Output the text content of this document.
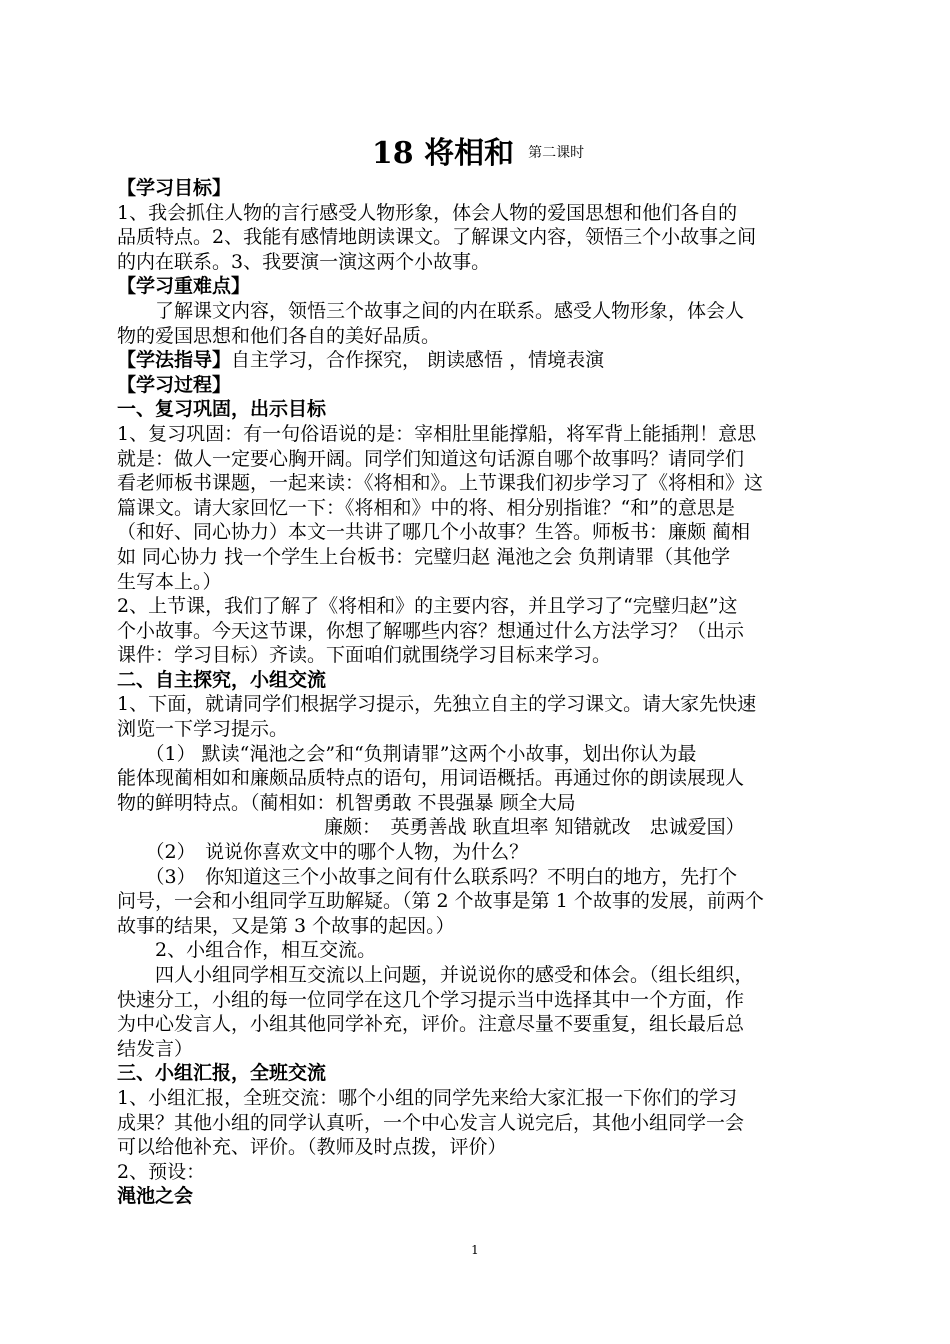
18 将相和 第二课时
【学习目标】
1、我会抓住人物的言行感受人物形象，体会人物的爱国思想和他们各自的
品质特点。2、我能有感情地朗读课文。了解课文内容，领悟三个小故事之间
的内在联系。3、我要演一演这两个小故事。
【学习重难点】
　　了解课文内容，领悟三个故事之间的内在联系。感受人物形象，体会人
物的爱国思想和他们各自的美好品质。
【学法指导】自主学习，合作探究， 朗读感悟 ，情境表演
【学习过程】
一、复习巩固，出示目标
1、复习巩固：有一句俗语说的是：宰相肚里能撑船，将军背上能插荆！意思
就是：做人一定要心胸开阔。同学们知道这句话源自哪个故事吗？请同学们
看老师板书课题，一起来读：《将相和》。上节课我们初步学习了《将相和》这
篇课文。请大家回忆一下：《将相和》中的将、相分别指谁？“和”的意思是
（和好、同心协力）本文一共讲了哪几个小故事？生答。师板书：廉颇 蔺相
如 同心协力 找一个学生上台板书：完璧归赵 渑池之会 负荆请罪（其他学
生写本上。）
2、上节课，我们了解了《将相和》的主要内容，并且学习了“完璧归赵”这
个小故事。今天这节课，你想了解哪些内容？想通过什么方法学习？（出示
课件：学习目标）齐读。下面咱们就围绕学习目标来学习。
二、自主探究，小组交流
1、下面，就请同学们根据学习提示，先独立自主的学习课文。请大家先快速
浏览一下学习提示。
　　（1） 默读“渑池之会”和“负荆请罪”这两个小故事，划出你认为最
能体现蔺相如和廉颇品质特点的语句，用词语概括。再通过你的朗读展现人
物的鲜明特点。（蔺相如：机智勇敢 不畏强暴 顾全大局
廉颇：　英勇善战 耿直坦率 知错就改　忠诚爱国）
　　（2）　说说你喜欢文中的哪个人物，为什么？
　　（3）　你知道这三个小故事之间有什么联系吗？不明白的地方，先打个
问号，一会和小组同学互助解疑。（第 2 个故事是第 1 个故事的发展，前两个
故事的结果，又是第 3 个故事的起因。）
　　2、小组合作，相互交流。
　　四人小组同学相互交流以上问题，并说说你的感受和体会。（组长组织，
快速分工，小组的每一位同学在这几个学习提示当中选择其中一个方面，作
为中心发言人，小组其他同学补充，评价。注意尽量不要重复，组长最后总
结发言）
三、小组汇报，全班交流
1、小组汇报，全班交流：哪个小组的同学先来给大家汇报一下你们的学习
成果？其他小组的同学认真听，一个中心发言人说完后，其他小组同学一会
可以给他补充、评价。（教师及时点拨，评价）
2、预设：
渑池之会
1
